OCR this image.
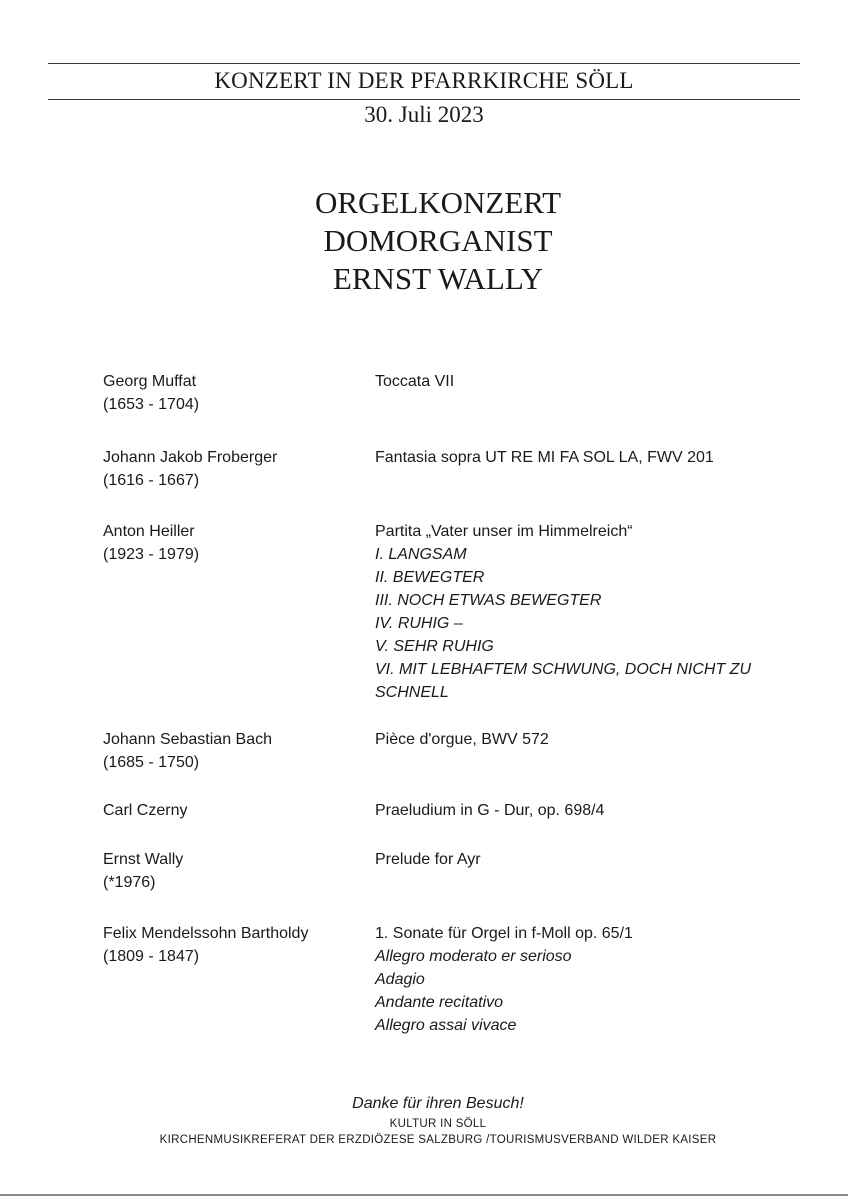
KONZERT IN DER PFARRKIRCHE SÖLL
30. Juli 2023
ORGELKONZERT
DOMORGANIST
ERNST WALLY
Georg Muffat
(1653 - 1704)
Toccata VII
Johann Jakob Froberger
(1616 - 1667)
Fantasia sopra UT RE MI FA SOL LA, FWV 201
Anton Heiller
(1923 - 1979)
Partita „Vater unser im Himmelreich“
I. LANGSAM
II. BEWEGTER
III. NOCH ETWAS BEWEGTER
IV. RUHIG –
V. SEHR RUHIG
VI. MIT LEBHAFTEM SCHWUNG, DOCH NICHT ZU
SCHNELL
Johann Sebastian Bach
(1685 - 1750)
Pièce d'orgue, BWV 572
Carl Czerny	Praeludium in G - Dur, op. 698/4
Ernst Wally
(*1976)
Prelude for Ayr
Felix Mendelssohn Bartholdy
(1809 - 1847)
1. Sonate für Orgel in f-Moll op. 65/1
Allegro moderato er serioso
Adagio
Andante recitativo
Allegro assai vivace
Danke für ihren Besuch!
KULTUR IN SÖLL
KIRCHENMUSIKREFERAT DER ERZDIÖZESE SALZBURG /TOURISMUSVERBAND WILDER KAISER
